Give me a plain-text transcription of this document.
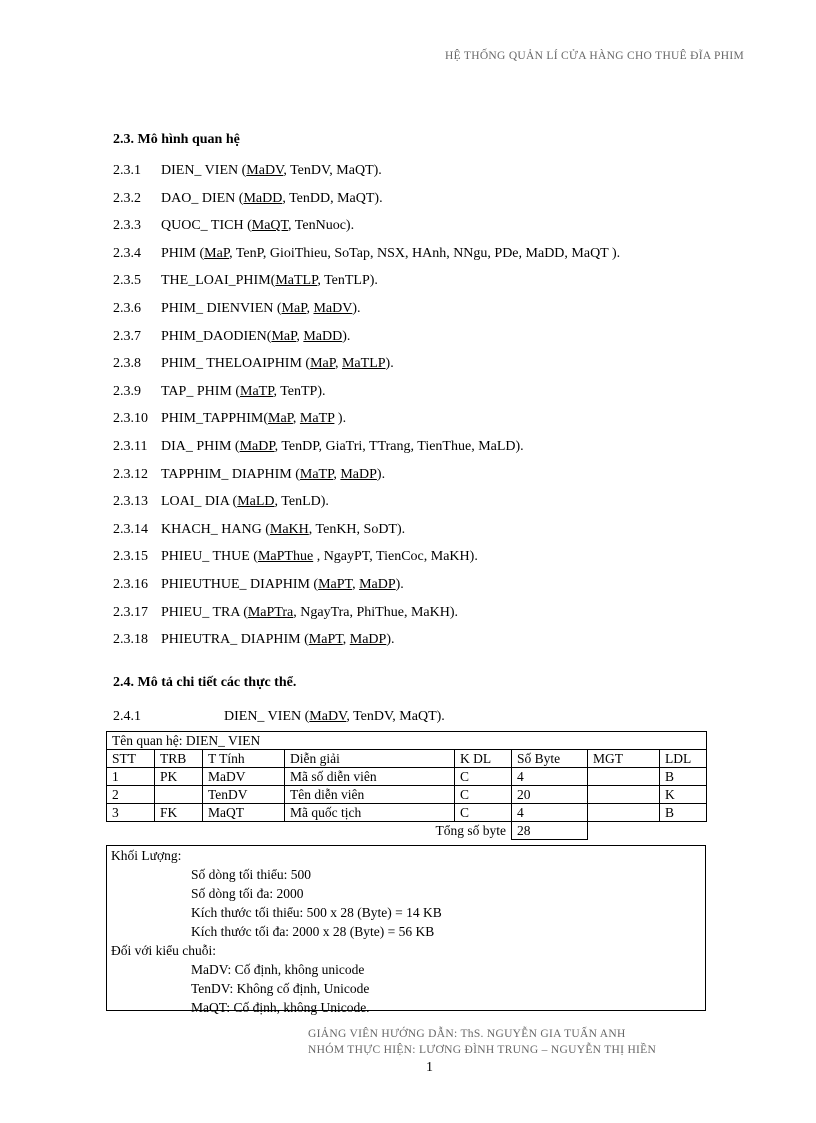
HỆ THỐNG QUẢN LÍ CỬA HÀNG CHO THUÊ ĐĨA PHIM
2.3. Mô hình quan hệ
2.3.1 DIEN_ VIEN (MaDV, TenDV, MaQT).
2.3.2 DAO_ DIEN (MaDD, TenDD, MaQT).
2.3.3 QUOC_ TICH (MaQT, TenNuoc).
2.3.4 PHIM (MaP, TenP, GioiThieu, SoTap, NSX, HAnh, NNgu, PDe, MaDD, MaQT ).
2.3.5 THE_LOAI_PHIM(MaTLP, TenTLP).
2.3.6 PHIM_ DIENVIEN (MaP, MaDV).
2.3.7 PHIM_DAODIEN(MaP, MaDD).
2.3.8 PHIM_ THELOAIPHIM (MaP, MaTLP).
2.3.9 TAP_ PHIM (MaTP, TenTP).
2.3.10 PHIM_TAPPHIM(MaP, MaTP ).
2.3.11 DIA_ PHIM (MaDP, TenDP, GiaTri, TTrang, TienThue, MaLD).
2.3.12 TAPPHIM_ DIAPHIM (MaTP, MaDP).
2.3.13 LOAI_ DIA (MaLD, TenLD).
2.3.14 KHACH_ HANG (MaKH, TenKH, SoDT).
2.3.15 PHIEU_ THUE (MaPThue , NgayPT, TienCoc, MaKH).
2.3.16 PHIEUTHUE_ DIAPHIM (MaPT, MaDP).
2.3.17 PHIEU_ TRA (MaPTra, NgayTra, PhiThue, MaKH).
2.3.18 PHIEUTRA_ DIAPHIM (MaPT, MaDP).
2.4. Mô tả chi tiết các thực thể.
2.4.1	DIEN_ VIEN (MaDV, TenDV, MaQT).
Tên quan hệ: DIEN_ VIEN							
STT	TRB	T Tính	Diễn giải	K DL	Số Byte	MGT	LDL
1	PK	MaDV	Mã số diễn viên	C	4		B
2		TenDV	Tên diễn viên	C	20		K
3	FK	MaQT	Mã quốc tịch	C	4		B
Tổng số byte					28		
Khối Lượng:
Số dòng tối thiểu: 500
Số dòng tối đa: 2000
Kích thước tối thiểu: 500 x 28 (Byte) = 14 KB
Kích thước tối đa: 2000 x 28 (Byte) = 56 KB
Đối với kiểu chuỗi:
MaDV: Cố định, không unicode
TenDV: Không cố định, Unicode
MaQT: Cố định, không Unicode.
GIẢNG VIÊN HƯỚNG DẪN: ThS. NGUYỄN GIA TUẤN ANH
NHÓM THỰC HIỆN: LƯƠNG ĐÌNH TRUNG – NGUYỄN THỊ HIỀN
1
